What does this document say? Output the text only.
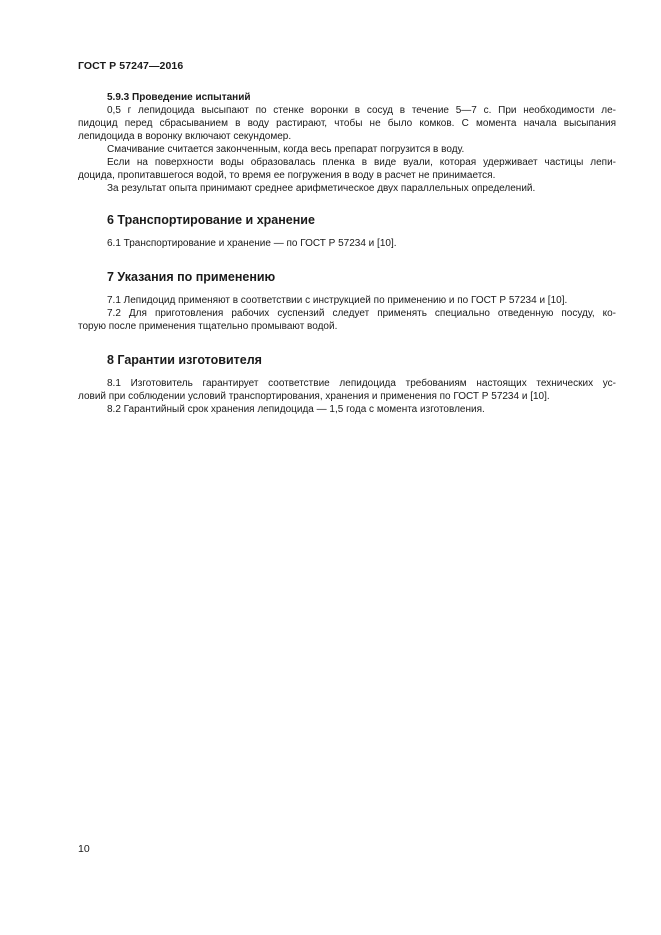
ГОСТ Р 57247—2016

5.9.3 Проведение испытаний

0,5 г лепидоцида высыпают по стенке воронки в сосуд в течение 5—7 с. При необходимости ле-
пидоцид перед сбрасыванием в воду растирают, чтобы не было комков. С момента начала высыпания
лепидоцида в воронку включают секундомер.

Смачивание считается законченным, когда весь препарат погрузится в воду.

Если на поверхности воды образовалась пленка в виде вуали, которая удерживает частицы лепи-
доцида, пропитавшегося водой, то время ее погружения в воду в расчет не принимается.

За результат опыта принимают среднее арифметическое двух параллельных определений.

6 Транспортирование и хранение

6.1 Транспортирование и хранение — по ГОСТ Р 57234 и [10].

7 Указания по применению

7.1 Лепидоцид применяют в соответствии с инструкцией по применению и по ГОСТ Р 57234 и [10].

7.2 Для приготовления рабочих суспензий следует применять специально отведенную посуду, ко-
торую после применения тщательно промывают водой.

8 Гарантии изготовителя

8.1 Изготовитель гарантирует соответствие лепидоцида требованиям настоящих технических ус-
ловий при соблюдении условий транспортирования, хранения и применения по ГОСТ Р 57234 и [10].

8.2 Гарантийный срок хранения лепидоцида — 1,5 года с момента изготовления.

10
